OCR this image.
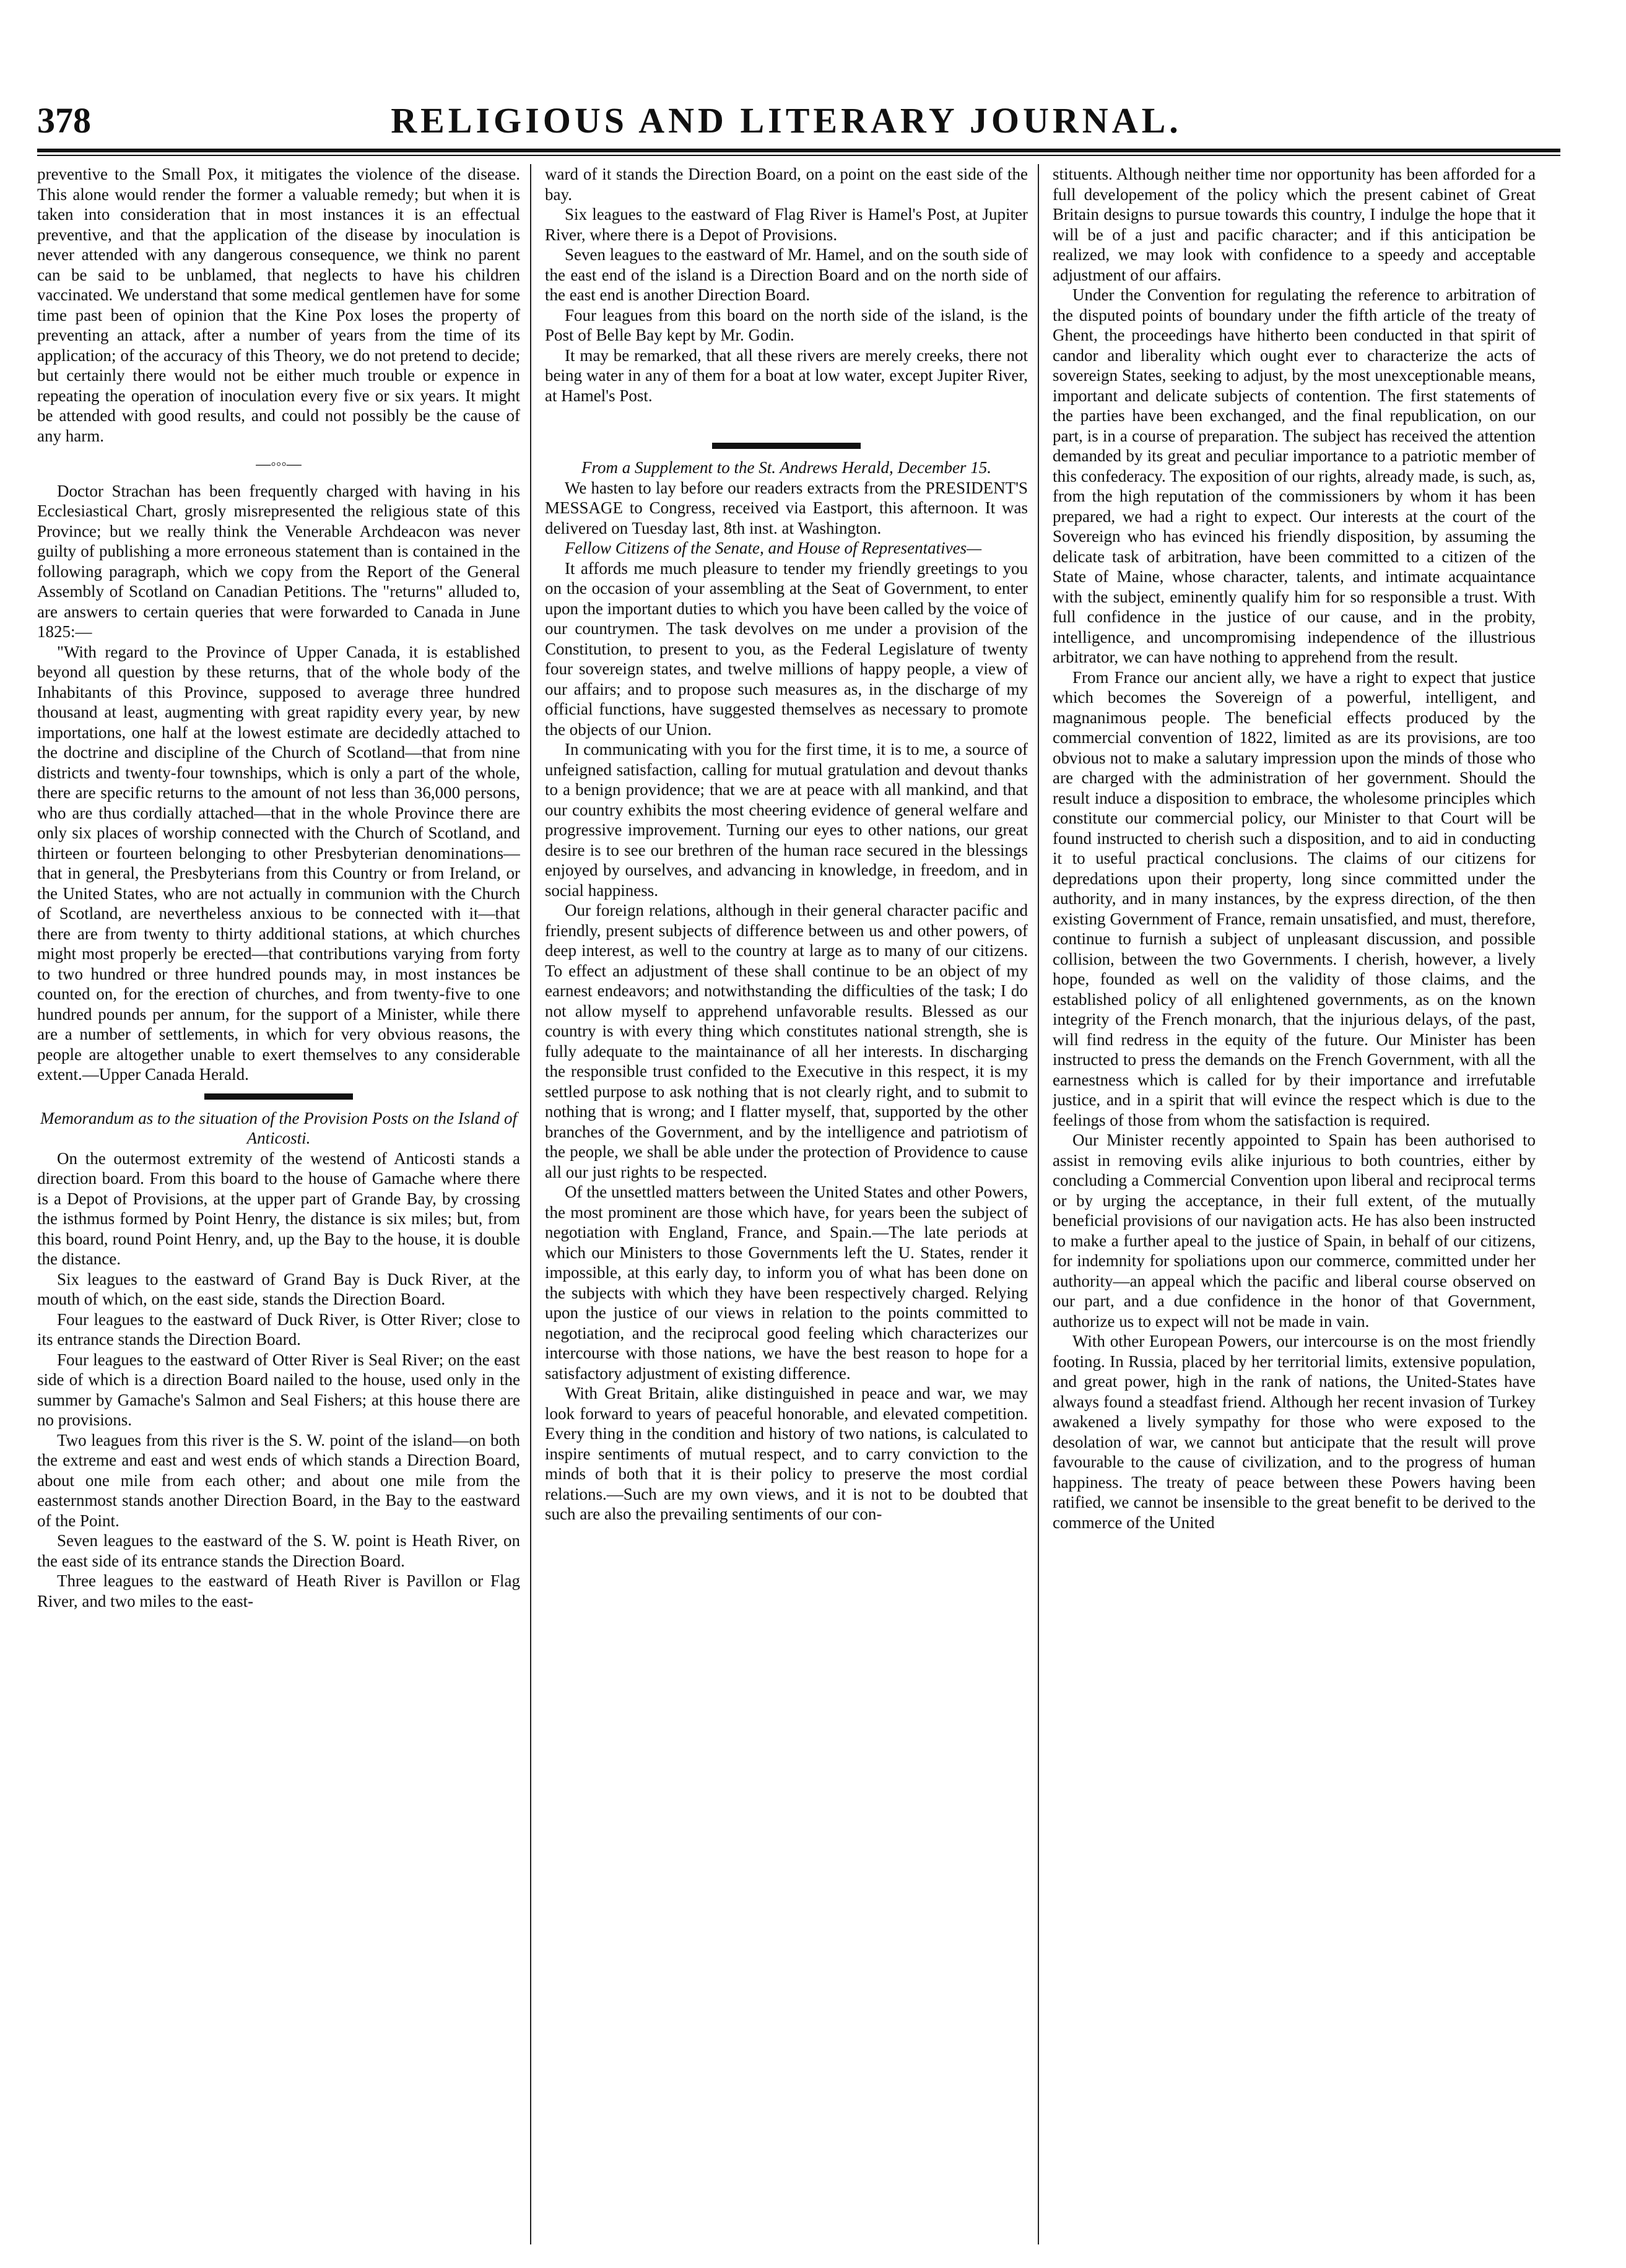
378	RELIGIOUS AND LITERARY JOURNAL.

preventive to the Small Pox, it mitigates the violence of the disease. This alone would render the former a valuable remedy; but when it is taken into consideration that in most instances it is an effectual preventive, and that the application of the disease by inoculation is never attended with any dangerous consequence, we think no parent can be said to be unblamed, that neglects to have his children vaccinated. We understand that some medical gentlemen have for some time past been of opinion that the Kine Pox loses the property of preventing an attack, after a number of years from the time of its application; of the accuracy of this Theory, we do not pretend to decide; but certainly there would not be either much trouble or expence in repeating the operation of inoculation every five or six years. It might be attended with good results, and could not possibly be the cause of any harm.

—◦◦◦—

Doctor Strachan has been frequently charged with having in his Ecclesiastical Chart, grosly misrepresented the religious state of this Province; but we really think the Venerable Archdeacon was never guilty of publishing a more erroneous statement than is contained in the following paragraph, which we copy from the Report of the General Assembly of Scotland on Canadian Petitions. The "returns" alluded to, are answers to certain queries that were forwarded to Canada in June 1825:—

"With regard to the Province of Upper Canada, it is established beyond all question by these returns, that of the whole body of the Inhabitants of this Province, supposed to average three hundred thousand at least, augmenting with great rapidity every year, by new importations, one half at the lowest estimate are decidedly attached to the doctrine and discipline of the Church of Scotland—that from nine districts and twenty-four townships, which is only a part of the whole, there are specific returns to the amount of not less than 36,000 persons, who are thus cordially attached—that in the whole Province there are only six places of worship connected with the Church of Scotland, and thirteen or fourteen belonging to other Presbyterian denominations—that in general, the Presbyterians from this Country or from Ireland, or the United States, who are not actually in communion with the Church of Scotland, are nevertheless anxious to be connected with it—that there are from twenty to thirty additional stations, at which churches might most properly be erected—that contributions varying from forty to two hundred or three hundred pounds may, in most instances be counted on, for the erection of churches, and from twenty-five to one hundred pounds per annum, for the support of a Minister, while there are a number of settlements, in which for very obvious reasons, the people are altogether unable to exert themselves to any considerable extent.—Upper Canada Herald.

Memorandum as to the situation of the Provision Posts on the Island of Anticosti.

On the outermost extremity of the westend of Anticosti stands a direction board. From this board to the house of Gamache where there is a Depot of Provisions, at the upper part of Grande Bay, by crossing the isthmus formed by Point Henry, the distance is six miles; but, from this board, round Point Henry, and, up the Bay to the house, it is double the distance.

Six leagues to the eastward of Grand Bay is Duck River, at the mouth of which, on the east side, stands the Direction Board.

Four leagues to the eastward of Duck River, is Otter River; close to its entrance stands the Direction Board.

Four leagues to the eastward of Otter River is Seal River; on the east side of which is a direction Board nailed to the house, used only in the summer by Gamache's Salmon and Seal Fishers; at this house there are no provisions.

Two leagues from this river is the S. W. point of the island—on both the extreme and east and west ends of which stands a Direction Board, about one mile from each other; and about one mile from the easternmost stands another Direction Board, in the Bay to the eastward of the Point.

Seven leagues to the eastward of the S. W. point is Heath River, on the east side of its entrance stands the Direction Board.

Three leagues to the eastward of Heath River is Pavillon or Flag River, and two miles to the east-

ward of it stands the Direction Board, on a point on the east side of the bay.

Six leagues to the eastward of Flag River is Hamel's Post, at Jupiter River, where there is a Depot of Provisions.

Seven leagues to the eastward of Mr. Hamel, and on the south side of the east end of the island is a Direction Board and on the north side of the east end is another Direction Board.

Four leagues from this board on the north side of the island, is the Post of Belle Bay kept by Mr. Godin.

It may be remarked, that all these rivers are merely creeks, there not being water in any of them for a boat at low water, except Jupiter River, at Hamel's Post.

From a Supplement to the St. Andrews Herald, December 15.

We hasten to lay before our readers extracts from the PRESIDENT'S MESSAGE to Congress, received via Eastport, this afternoon. It was delivered on Tuesday last, 8th inst. at Washington.

Fellow Citizens of the Senate, and House of Representatives—

It affords me much pleasure to tender my friendly greetings to you on the occasion of your assembling at the Seat of Government, to enter upon the important duties to which you have been called by the voice of our countrymen. The task devolves on me under a provision of the Constitution, to present to you, as the Federal Legislature of twenty four sovereign states, and twelve millions of happy people, a view of our affairs; and to propose such measures as, in the discharge of my official functions, have suggested themselves as necessary to promote the objects of our Union.

In communicating with you for the first time, it is to me, a source of unfeigned satisfaction, calling for mutual gratulation and devout thanks to a benign providence; that we are at peace with all mankind, and that our country exhibits the most cheering evidence of general welfare and progressive improvement. Turning our eyes to other nations, our great desire is to see our brethren of the human race secured in the blessings enjoyed by ourselves, and advancing in knowledge, in freedom, and in social happiness.

Our foreign relations, although in their general character pacific and friendly, present subjects of difference between us and other powers, of deep interest, as well to the country at large as to many of our citizens. To effect an adjustment of these shall continue to be an object of my earnest endeavors; and notwithstanding the difficulties of the task; I do not allow myself to apprehend unfavorable results. Blessed as our country is with every thing which constitutes national strength, she is fully adequate to the maintainance of all her interests. In discharging the responsible trust confided to the Executive in this respect, it is my settled purpose to ask nothing that is not clearly right, and to submit to nothing that is wrong; and I flatter myself, that, supported by the other branches of the Government, and by the intelligence and patriotism of the people, we shall be able under the protection of Providence to cause all our just rights to be respected.

Of the unsettled matters between the United States and other Powers, the most prominent are those which have, for years been the subject of negotiation with England, France, and Spain.—The late periods at which our Ministers to those Governments left the U. States, render it impossible, at this early day, to inform you of what has been done on the subjects with which they have been respectively charged. Relying upon the justice of our views in relation to the points committed to negotiation, and the reciprocal good feeling which characterizes our intercourse with those nations, we have the best reason to hope for a satisfactory adjustment of existing difference.

With Great Britain, alike distinguished in peace and war, we may look forward to years of peaceful honorable, and elevated competition. Every thing in the condition and history of two nations, is calculated to inspire sentiments of mutual respect, and to carry conviction to the minds of both that it is their policy to preserve the most cordial relations.—Such are my own views, and it is not to be doubted that such are also the prevailing sentiments of our con-

stituents. Although neither time nor opportunity has been afforded for a full developement of the policy which the present cabinet of Great Britain designs to pursue towards this country, I indulge the hope that it will be of a just and pacific character; and if this anticipation be realized, we may look with confidence to a speedy and acceptable adjustment of our affairs.

Under the Convention for regulating the reference to arbitration of the disputed points of boundary under the fifth article of the treaty of Ghent, the proceedings have hitherto been conducted in that spirit of candor and liberality which ought ever to characterize the acts of sovereign States, seeking to adjust, by the most unexceptionable means, important and delicate subjects of contention. The first statements of the parties have been exchanged, and the final republication, on our part, is in a course of preparation. The subject has received the attention demanded by its great and peculiar importance to a patriotic member of this confederacy. The exposition of our rights, already made, is such, as, from the high reputation of the commissioners by whom it has been prepared, we had a right to expect. Our interests at the court of the Sovereign who has evinced his friendly disposition, by assuming the delicate task of arbitration, have been committed to a citizen of the State of Maine, whose character, talents, and intimate acquaintance with the subject, eminently qualify him for so responsible a trust. With full confidence in the justice of our cause, and in the probity, intelligence, and uncompromising independence of the illustrious arbitrator, we can have nothing to apprehend from the result.

From France our ancient ally, we have a right to expect that justice which becomes the Sovereign of a powerful, intelligent, and magnanimous people. The beneficial effects produced by the commercial convention of 1822, limited as are its provisions, are too obvious not to make a salutary impression upon the minds of those who are charged with the administration of her government. Should the result induce a disposition to embrace, the wholesome principles which constitute our commercial policy, our Minister to that Court will be found instructed to cherish such a disposition, and to aid in conducting it to useful practical conclusions. The claims of our citizens for depredations upon their property, long since committed under the authority, and in many instances, by the express direction, of the then existing Government of France, remain unsatisfied, and must, therefore, continue to furnish a subject of unpleasant discussion, and possible collision, between the two Governments. I cherish, however, a lively hope, founded as well on the validity of those claims, and the established policy of all enlightened governments, as on the known integrity of the French monarch, that the injurious delays, of the past, will find redress in the equity of the future. Our Minister has been instructed to press the demands on the French Government, with all the earnestness which is called for by their importance and irrefutable justice, and in a spirit that will evince the respect which is due to the feelings of those from whom the satisfaction is required.

Our Minister recently appointed to Spain has been authorised to assist in removing evils alike injurious to both countries, either by concluding a Commercial Convention upon liberal and reciprocal terms or by urging the acceptance, in their full extent, of the mutually beneficial provisions of our navigation acts. He has also been instructed to make a further apeal to the justice of Spain, in behalf of our citizens, for indemnity for spoliations upon our commerce, committed under her authority—an appeal which the pacific and liberal course observed on our part, and a due confidence in the honor of that Government, authorize us to expect will not be made in vain.

With other European Powers, our intercourse is on the most friendly footing. In Russia, placed by her territorial limits, extensive population, and great power, high in the rank of nations, the United-States have always found a steadfast friend. Although her recent invasion of Turkey awakened a lively sympathy for those who were exposed to the desolation of war, we cannot but anticipate that the result will prove favourable to the cause of civilization, and to the progress of human happiness. The treaty of peace between these Powers having been ratified, we cannot be insensible to the great benefit to be derived to the commerce of the United
